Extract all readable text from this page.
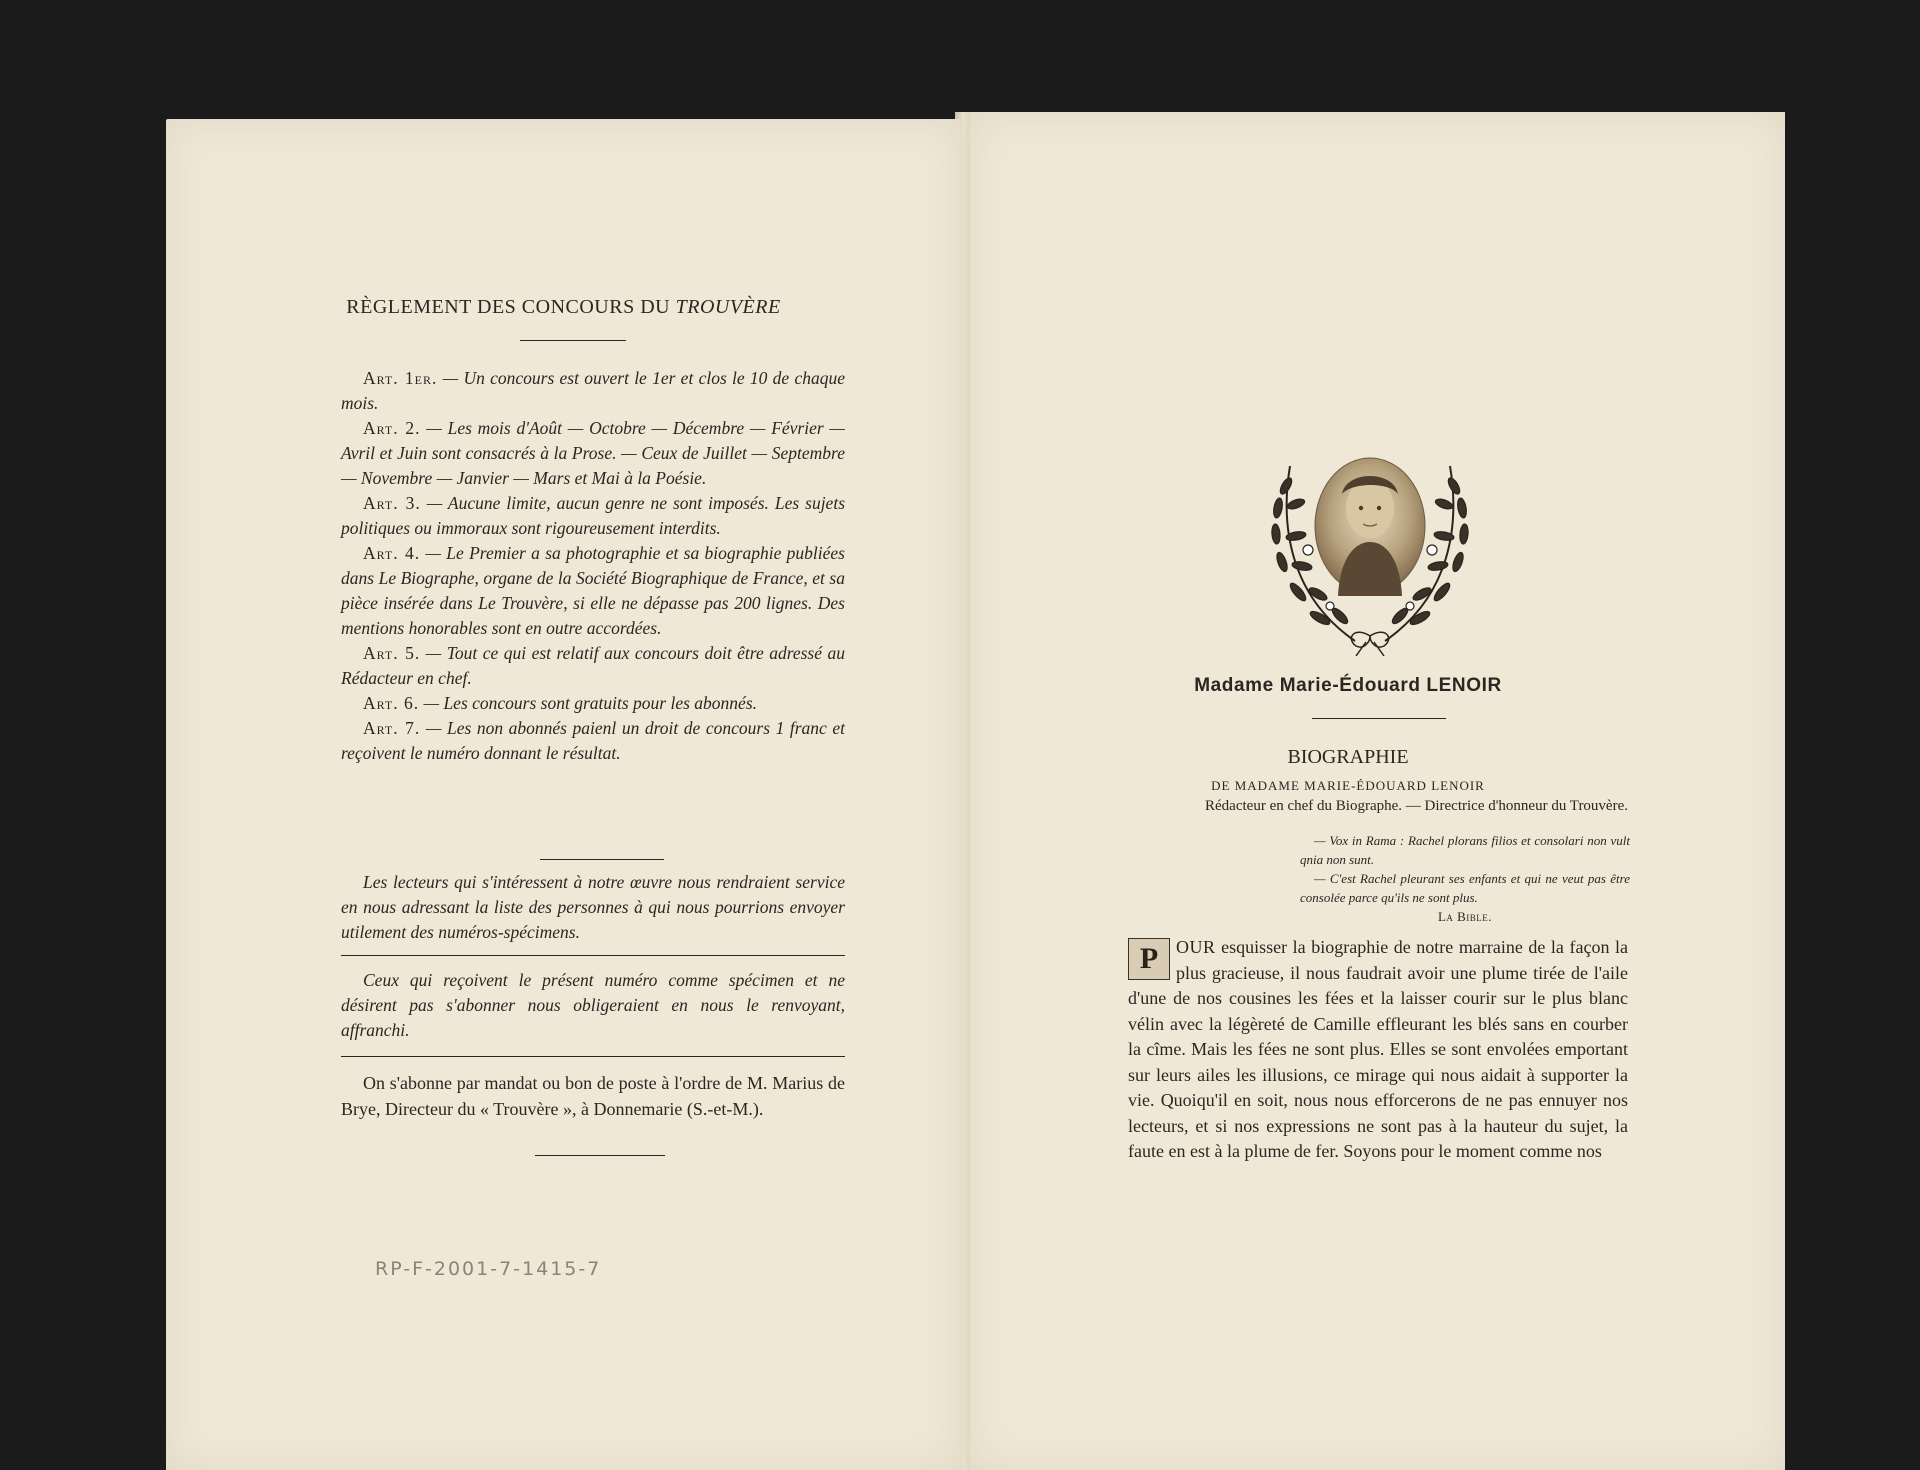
RÈGLEMENT DES CONCOURS DU TROUVÈRE

Art. 1er. — Un concours est ouvert le 1er et clos le 10 de chaque mois.

Art. 2. — Les mois d'Août — Octobre — Décembre — Février — Avril et Juin sont consacrés à la Prose. — Ceux de Juillet — Septembre — Novembre — Janvier — Mars et Mai à la Poésie.

Art. 3. — Aucune limite, aucun genre ne sont imposés. Les sujets politiques ou immoraux sont rigoureusement interdits.

Art. 4. — Le Premier a sa photographie et sa biographie publiées dans Le Biographe, organe de la Société Biographique de France, et sa pièce insérée dans Le Trouvère, si elle ne dépasse pas 200 lignes. Des mentions honorables sont en outre accordées.

Art. 5. — Tout ce qui est relatif aux concours doit être adressé au Rédacteur en chef.

Art. 6. — Les concours sont gratuits pour les abonnés.

Art. 7. — Les non abonnés paienl un droit de concours 1 franc et reçoivent le numéro donnant le résultat.

Les lecteurs qui s'intéressent à notre œuvre nous rendraient service en nous adressant la liste des personnes à qui nous pourrions envoyer utilement des numéros-spécimens.
Ceux qui reçoivent le présent numéro comme spécimen et ne désirent pas s'abonner nous obligeraient en nous le renvoyant, affranchi.
On s'abonne par mandat ou bon de poste à l'ordre de M. Marius de Brye, Directeur du « Trouvère », à Donnemarie (S.-et-M.).
RP-F-2001-7-1415-7
Madame Marie-Édouard LENOIR
BIOGRAPHIE
DE MADAME MARIE-ÉDOUARD LENOIR
Rédacteur en chef du Biographe. — Directrice d'honneur du Trouvère.
— Vox in Rama : Rachel plorans filios et consolari non vult qnia non sunt.
— C'est Rachel pleurant ses enfants et qui ne veut pas être consolée parce qu'ils ne sont plus.
La Bible.
P OUR esquisser la biographie de notre marraine de la façon la plus gracieuse, il nous faudrait avoir une plume tirée de l'aile d'une de nos cousines les fées et la laisser courir sur le plus blanc vélin avec la légèreté de Camille effleurant les blés sans en courber la cîme. Mais les fées ne sont plus. Elles se sont envolées emportant sur leurs ailes les illusions, ce mirage qui nous aidait à supporter la vie. Quoiqu'il en soit, nous nous efforcerons de ne pas ennuyer nos lecteurs, et si nos expressions ne sont pas à la hauteur du sujet, la faute en est à la plume de fer. Soyons pour le moment comme nos
